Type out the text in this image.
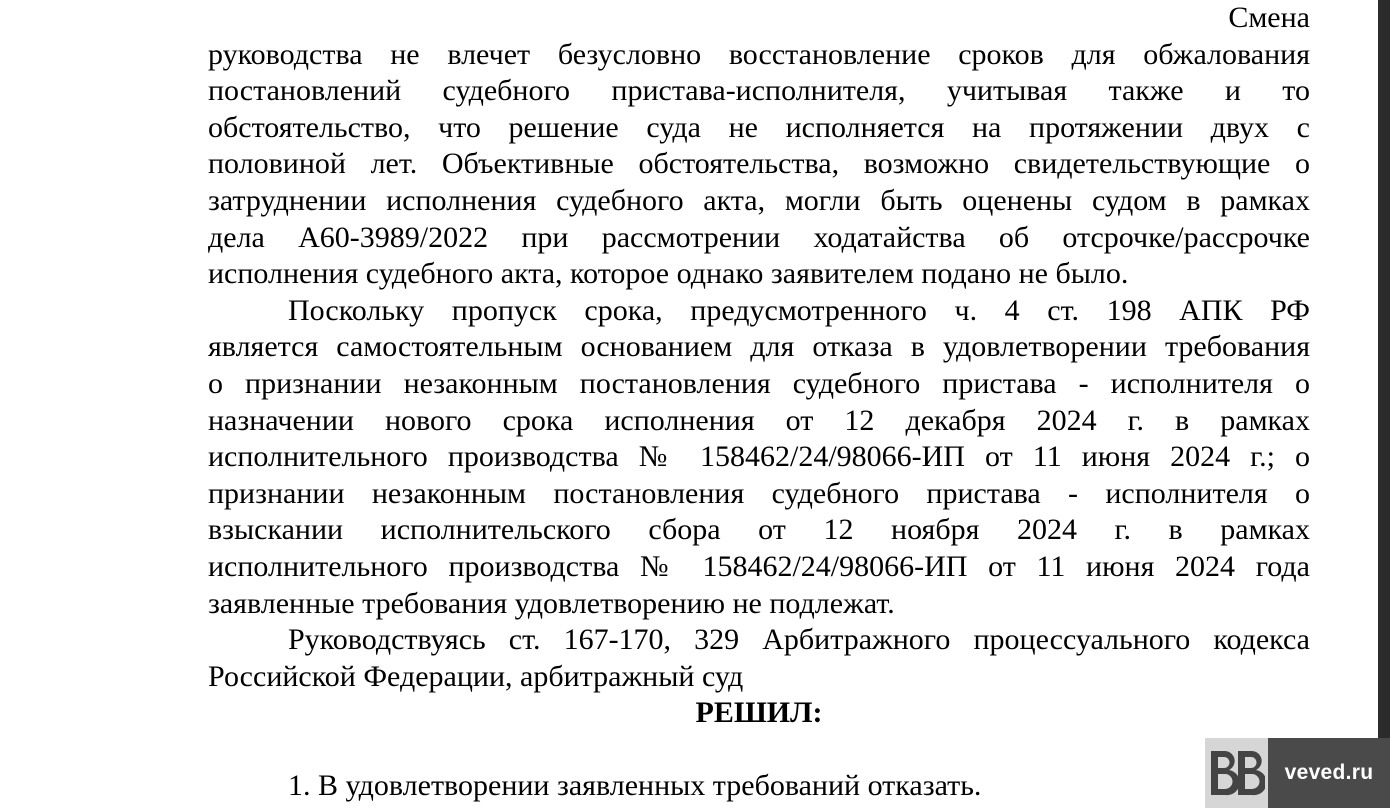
Смена
руководства не влечет безусловно восстановление сроков для обжалования
постановлений судебного пристава-исполнителя, учитывая также и то
обстоятельство, что решение суда не исполняется на протяжении двух с
половиной лет. Объективные обстоятельства, возможно свидетельствующие о
затруднении исполнения судебного акта, могли быть оценены судом в рамках
дела А60-3989/2022 при рассмотрении ходатайства об отсрочке/рассрочке
исполнения судебного акта, которое однако заявителем подано не было.
Поскольку пропуск срока, предусмотренного ч. 4 ст. 198 АПК РФ
является самостоятельным основанием для отказа в удовлетворении требования
о признании незаконным постановления судебного пристава - исполнителя о
назначении нового срока исполнения от 12 декабря 2024 г. в рамках
исполнительного производства № 158462/24/98066-ИП от 11 июня 2024 г.; о
признании незаконным постановления судебного пристава - исполнителя о
взыскании исполнительского сбора от 12 ноября 2024 г. в рамках
исполнительного производства № 158462/24/98066-ИП от 11 июня 2024 года
заявленные требования удовлетворению не подлежат.
Руководствуясь ст. 167-170, 329 Арбитражного процессуального кодекса
Российской Федерации, арбитражный суд
РЕШИЛ:
1. В удовлетворении заявленных требований отказать.	veved.ru
